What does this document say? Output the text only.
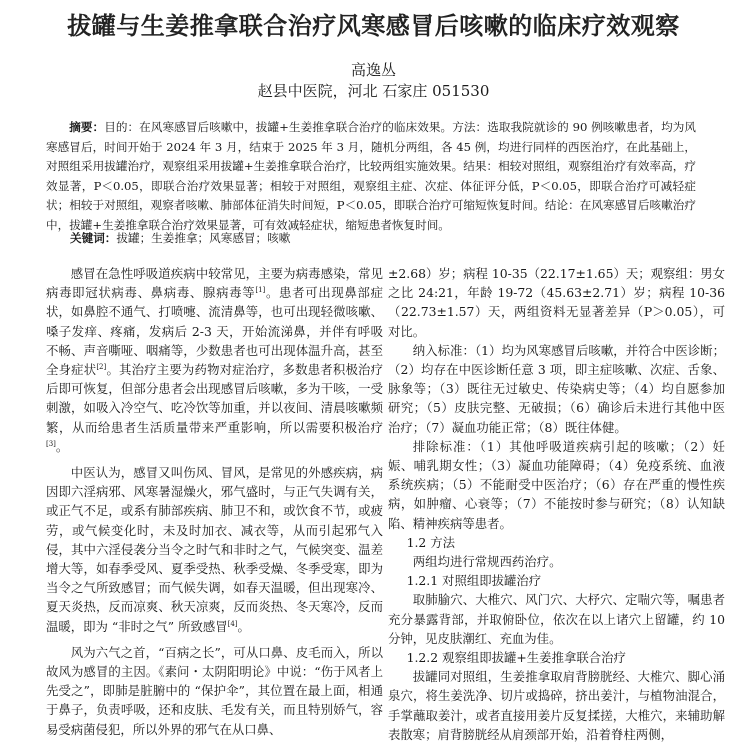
拔罐与生姜推拿联合治疗风寒感冒后咳嗽的临床疗效观察
高逸丛
赵县中医院，河北 石家庄 051530
摘要：目的：在风寒感冒后咳嗽中，拔罐+生姜推拿联合治疗的临床效果。方法：选取我院就诊的 90 例咳嗽患者，均为风寒感冒后，时间开始于 2024 年 3 月，结束于 2025 年 3 月，随机分两组，各 45 例，均进行同样的西医治疗，在此基础上，对照组采用拔罐治疗，观察组采用拔罐+生姜推拿联合治疗，比较两组实施效果。结果：相较对照组，观察组治疗有效率高，疗效显著，P＜0.05，即联合治疗效果显著；相较于对照组，观察组主症、次症、体征评分低，P＜0.05，即联合治疗可减轻症状；相较于对照组，观察者咳嗽、肺部体征消失时间短，P＜0.05，即联合治疗可缩短恢复时间。结论：在风寒感冒后咳嗽治疗中，拔罐+生姜推拿联合治疗效果显著，可有效减轻症状，缩短患者恢复时间。
关键词：拔罐；生姜推拿；风寒感冒；咳嗽

感冒在急性呼吸道疾病中较常见，主要为病毒感染，常见病毒即冠状病毒、鼻病毒、腺病毒等[1]。患者可出现鼻部症状，如鼻腔不通气、打喷嚏、流清鼻等，也可出现轻微咳嗽、嗓子发痒、疼痛，发病后 2-3 天，开始流涕鼻，并伴有呼吸不畅、声音嘶哑、咽痛等，少数患者也可出现体温升高，甚至全身症状[2]。其治疗主要为药物对症治疗，多数患者积极治疗后即可恢复，但部分患者会出现感冒后咳嗽，多为干咳，一受刺激，如吸入冷空气、吃冷饮等加重，并以夜间、清晨咳嗽频繁，从而给患者生活质量带来严重影响，所以需要积极治疗[3]。

中医认为，感冒又叫伤风、冒风，是常见的外感疾病，病因即六淫病邪、风寒暑湿燥火，邪气盛时，与正气失调有关，或正气不足，或系有肺部疾病、肺卫不和，或饮食不节，或疲劳，或气候变化时，未及时加衣、减衣等，从而引起邪气入侵，其中六淫侵袭分当令之时气和非时之气，气候突变、温差增大等，如春季受风、夏季受热、秋季受燥、冬季受寒，即为当令之气所致感冒；而气候失调，如春天温暖，但出现寒冷、夏天炎热，反而凉爽、秋天凉爽，反而炎热、冬天寒冷，反而温暖，即为 “非时之气” 所致感冒[4]。

风为六气之首，“百病之长”，可从口鼻、皮毛而入，所以故风为感冒的主因。《素问・太阴阳明论》中说：“伤于风者上先受之”，即肺是脏腑中的 “保护伞”，其位置在最上面，相通于鼻子，负责呼吸，还和皮肤、毛发有关，而且特别娇气，容易受病菌侵犯，所以外界的邪气在从口鼻、

±2.68）岁；病程 10-35（22.17±1.65）天；观察组：男女之比 24:21，年龄 19-72（45.63±2.71）岁；病程 10-36（22.73±1.57）天，两组资料无显著差异（P＞0.05），可对比。

纳入标准：（1）均为风寒感冒后咳嗽，并符合中医诊断；（2）均存在中医诊断任意 3 项，即主症咳嗽、次症、舌象、脉象等；（3）既往无过敏史、传染病史等；（4）均自愿参加研究；（5）皮肤完整、无破损；（6）确诊后未进行其他中医治疗；（7）凝血功能正常；（8）既往体健。

排除标准：（1）其他呼吸道疾病引起的咳嗽；（2）妊娠、哺乳期女性；（3）凝血功能障碍；（4）免疫系统、血液系统疾病；（5）不能耐受中医治疗；（6）存在严重的慢性疾病，如肿瘤、心衰等；（7）不能按时参与研究；（8）认知缺陷、精神疾病等患者。

1.2 方法

两组均进行常规西药治疗。

1.2.1 对照组即拔罐治疗

取肺腧穴、大椎穴、风门穴、大杼穴、定喘穴等，嘱患者充分暴露背部，并取俯卧位，依次在以上诸穴上留罐，约 10 分钟，见皮肤潮红、充血为佳。

1.2.2 观察组即拔罐+生姜推拿联合治疗

拔罐同对照组，生姜推拿取肩背膀胱经、大椎穴、脚心涌泉穴，将生姜洗净、切片或捣碎，挤出姜汁，与植物油混合，手掌蘸取姜汁，或者直接用姜片反复揉搓，大椎穴，来辅助解表散寒；肩背膀胱经从肩颈部开始，沿着脊柱两侧，
